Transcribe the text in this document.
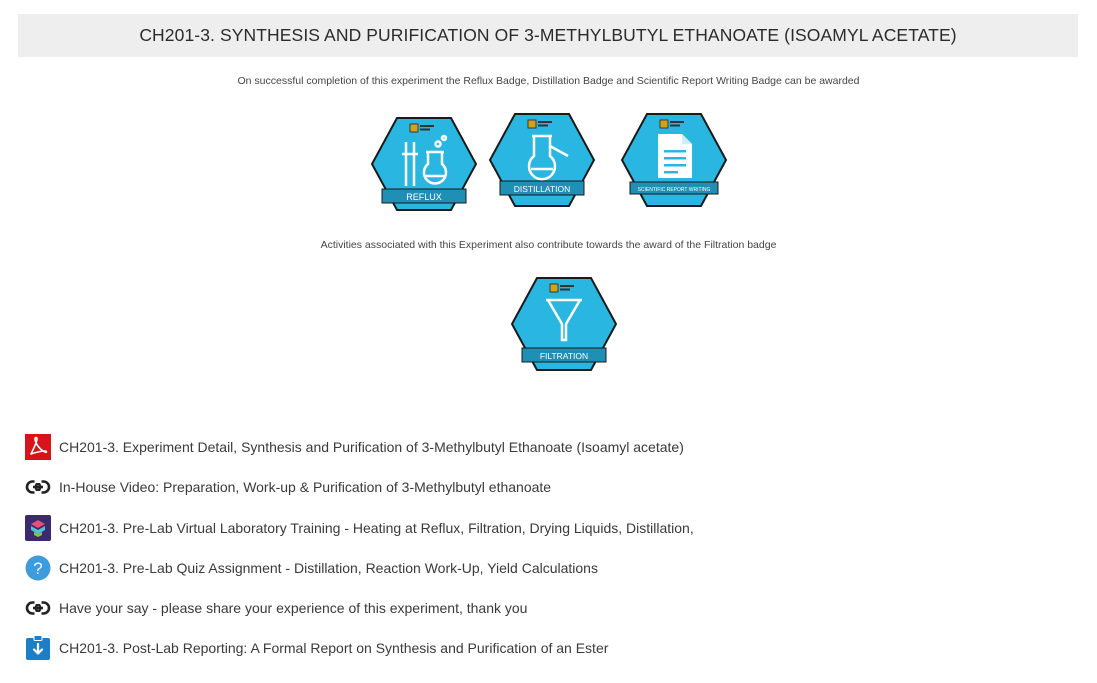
CH201-3. SYNTHESIS AND PURIFICATION OF 3-METHYLBUTYL ETHANOATE (ISOAMYL ACETATE)
On successful completion of this experiment the Reflux Badge, Distillation Badge and Scientific Report Writing Badge can be awarded
REFLUX
DISTILLATION	SCIENTIFIC REPORT WRITING
Activities associated with this Experiment also contribute towards the award of the Filtration badge
FILTRATION
CH201-3. Experiment Detail, Synthesis and Purification of 3-Methylbutyl Ethanoate (Isoamyl acetate)
In-House Video: Preparation, Work-up & Purification of 3-Methylbutyl ethanoate
CH201-3. Pre-Lab Virtual Laboratory Training - Heating at Reflux, Filtration, Drying Liquids, Distillation,
? CH201-3. Pre-Lab Quiz Assignment - Distillation, Reaction Work-Up, Yield Calculations
Have your say - please share your experience of this experiment, thank you
CH201-3. Post-Lab Reporting: A Formal Report on Synthesis and Purification of an Ester
